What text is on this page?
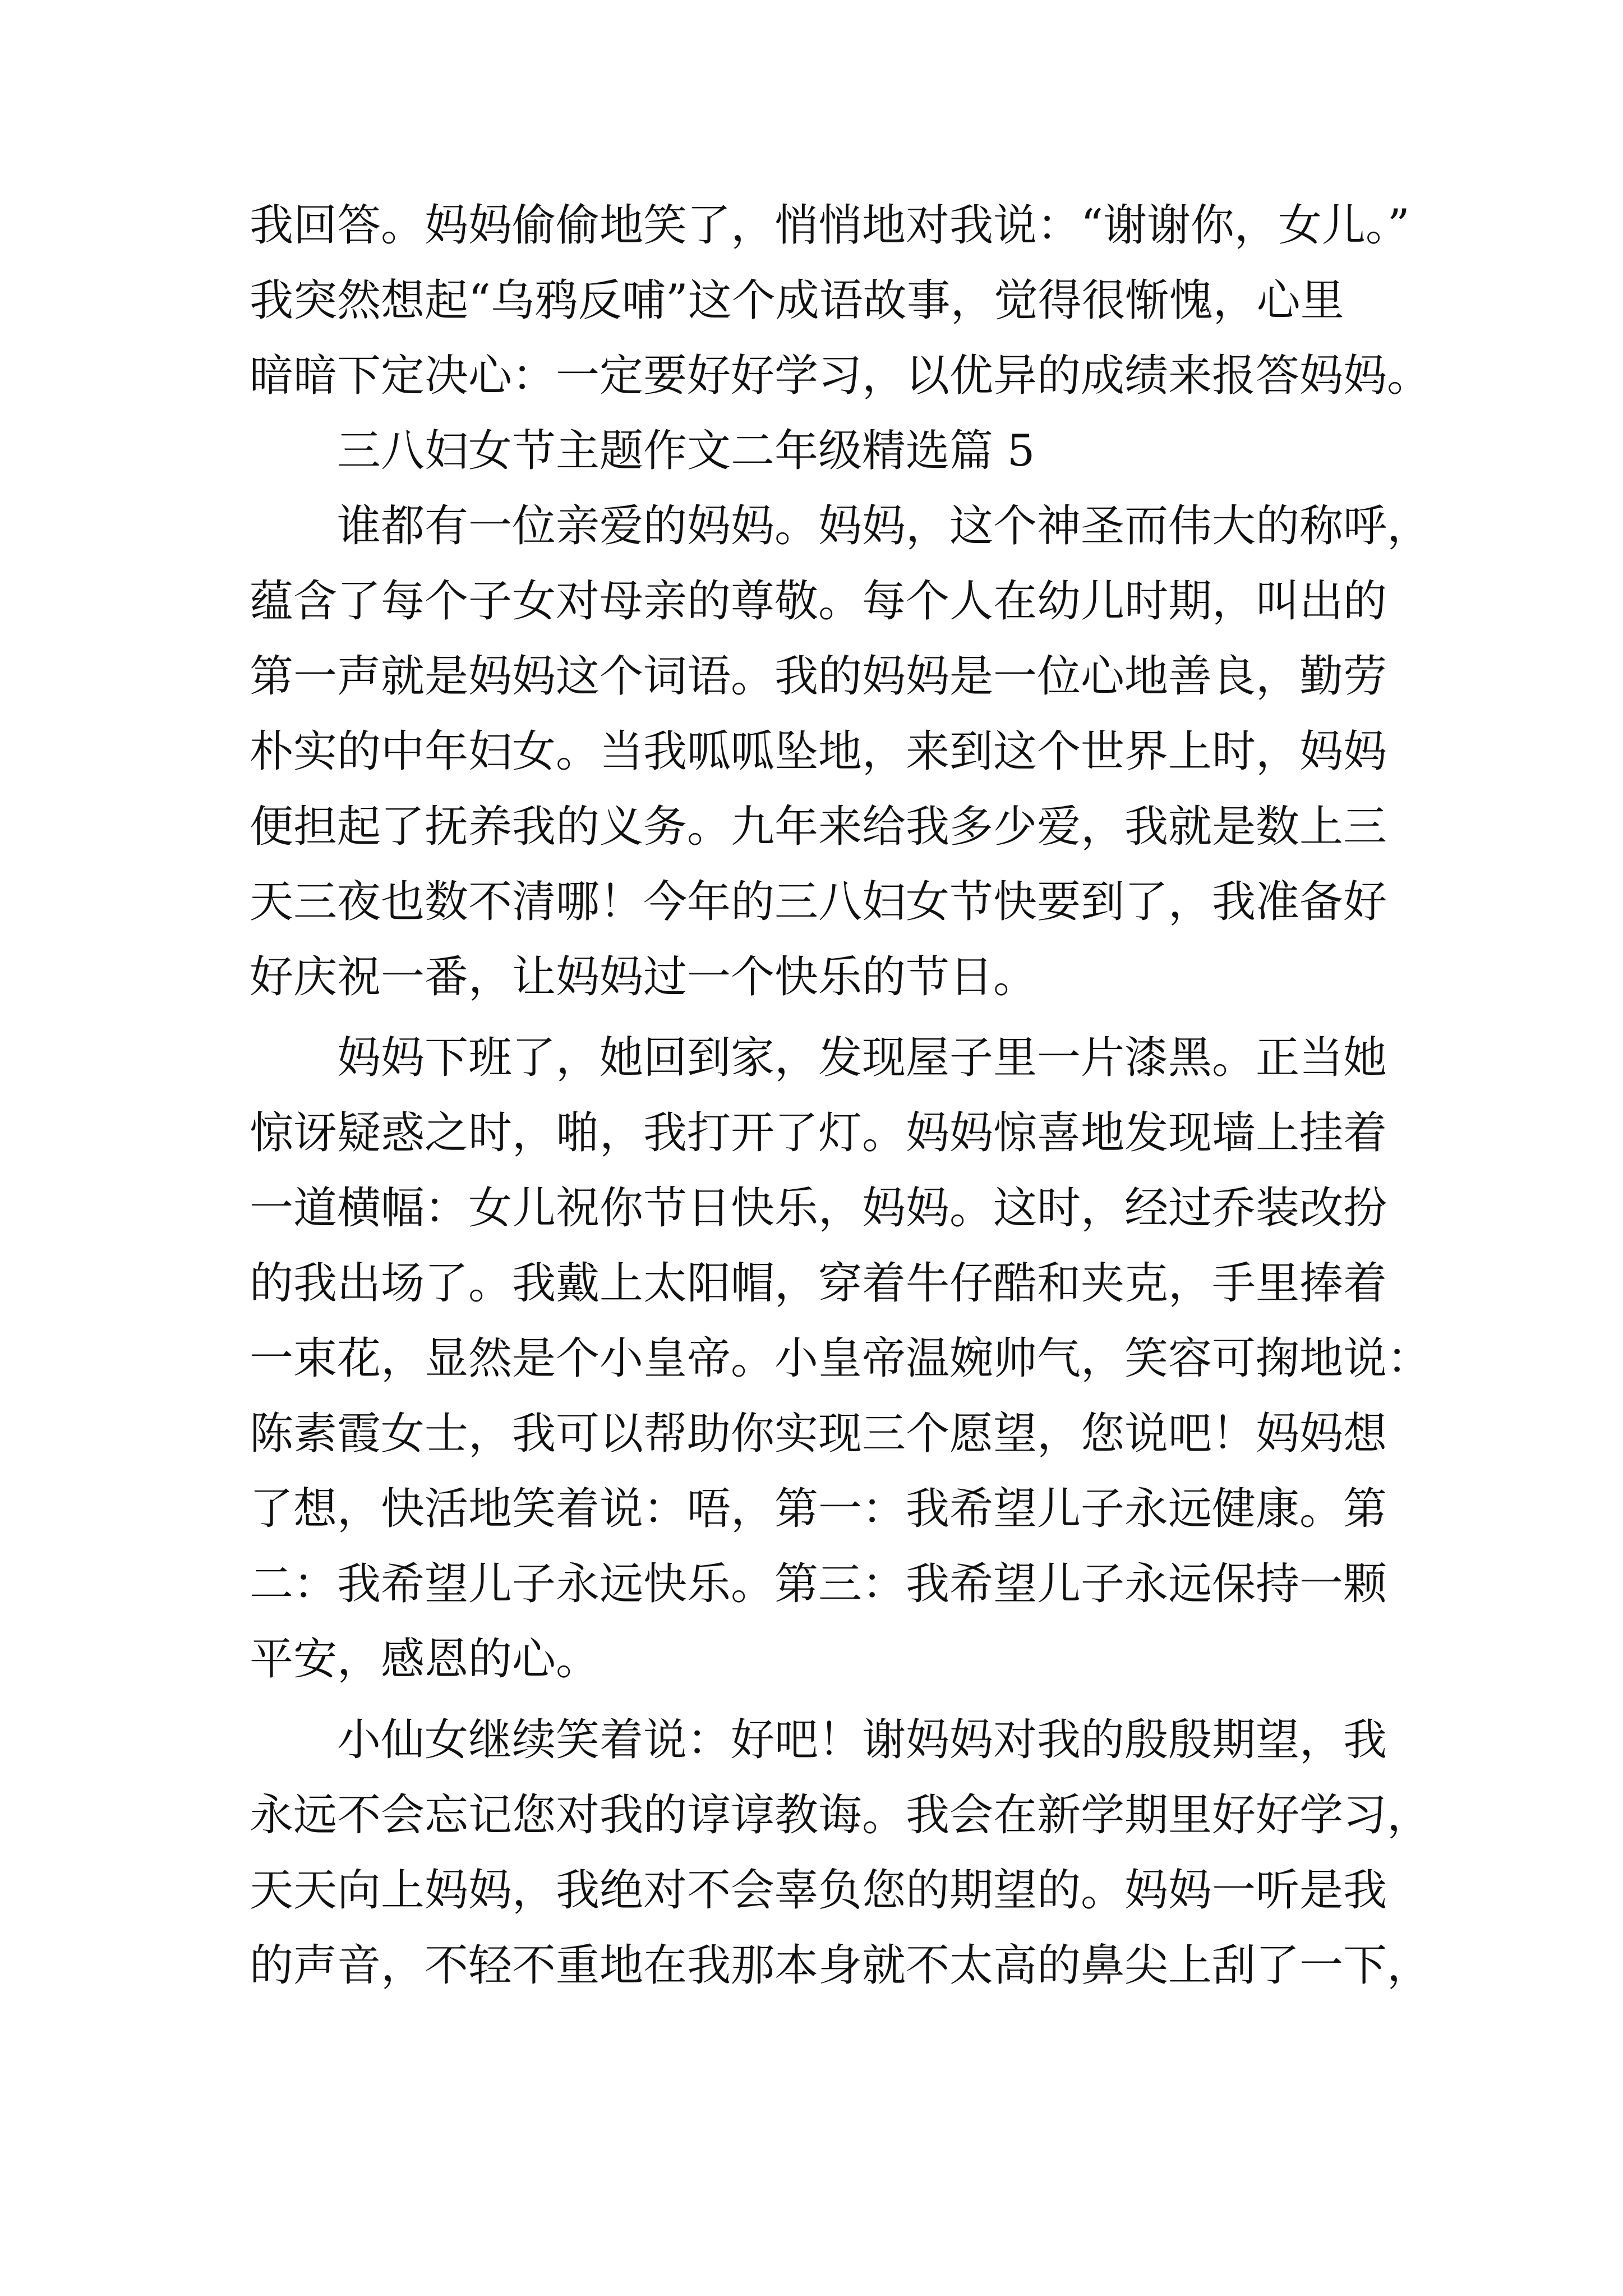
我回答。妈妈偷偷地笑了，悄悄地对我说：“谢谢你，女儿。”
我突然想起“乌鸦反哺”这个成语故事，觉得很惭愧，心里
暗暗下定决心：一定要好好学习，以优异的成绩来报答妈妈。
三八妇女节主题作文二年级精选篇 5
谁都有一位亲爱的妈妈。妈妈，这个神圣而伟大的称呼，
蕴含了每个子女对母亲的尊敬。每个人在幼儿时期，叫出的
第一声就是妈妈这个词语。我的妈妈是一位心地善良，勤劳
朴实的中年妇女。当我呱呱坠地，来到这个世界上时，妈妈
便担起了抚养我的义务。九年来给我多少爱，我就是数上三
天三夜也数不清哪！今年的三八妇女节快要到了，我准备好
好庆祝一番，让妈妈过一个快乐的节日。
妈妈下班了，她回到家，发现屋子里一片漆黑。正当她
惊讶疑惑之时，啪，我打开了灯。妈妈惊喜地发现墙上挂着
一道横幅：女儿祝你节日快乐，妈妈。这时，经过乔装改扮
的我出场了。我戴上太阳帽，穿着牛仔酷和夹克，手里捧着
一束花，显然是个小皇帝。小皇帝温婉帅气，笑容可掬地说：
陈素霞女士，我可以帮助你实现三个愿望，您说吧！妈妈想
了想，快活地笑着说：唔，第一：我希望儿子永远健康。第
二：我希望儿子永远快乐。第三：我希望儿子永远保持一颗
平安，感恩的心。
小仙女继续笑着说：好吧！谢妈妈对我的殷殷期望，我
永远不会忘记您对我的谆谆教诲。我会在新学期里好好学习，
天天向上妈妈，我绝对不会辜负您的期望的。妈妈一听是我
的声音，不轻不重地在我那本身就不太高的鼻尖上刮了一下，
